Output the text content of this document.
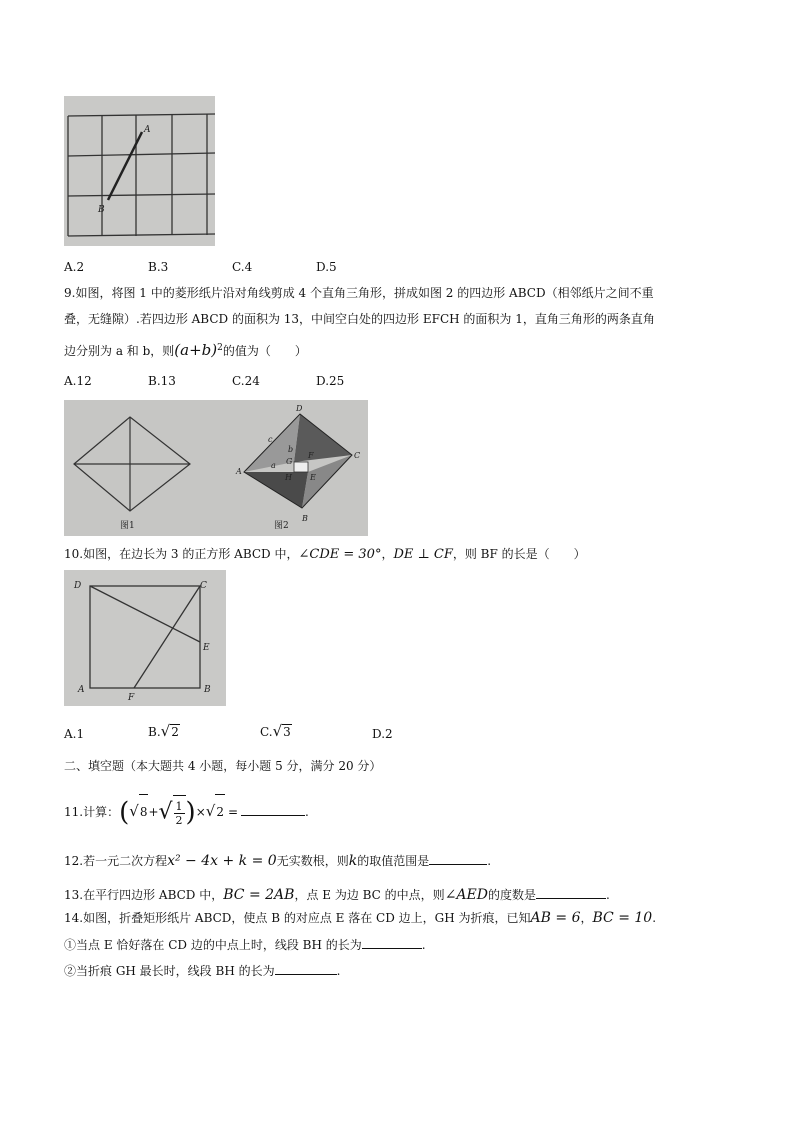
A
B
A.2	B.3	C.4	D.5
9.如图，将图 1 中的菱形纸片沿对角线剪成 4 个直角三角形，拼成如图 2 的四边形 ABCD（相邻纸片之间不重
叠，无缝隙）.若四边形 ABCD 的面积为 13，中间空白处的四边形 EFCH 的面积为 1，直角三角形的两条直角
边分别为 a 和 b，则$(a+b)^2$的值为（　　）
A.12	B.13	C.24	D.25
图1
D
A
C
B
G
F
H E
a
b
c
图2
10.如图，在边长为 3 的正方形 ABCD 中，∠CDE = 30°，DE ⊥ CF，则 BF 的长是（　　）
D	C
E
A
F
B
A.1	B.√2	C.√3	D.2
二、填空题（本大题共 4 小题，每小题 5 分，满分 20 分）
11.计算：$(√8+√ \frac{1}{2} )\times√2$ =	.
12.若一元二次方程x² − 4x + k = 0无实数根，则k的取值范围是	.
13.在平行四边形 ABCD 中，BC = 2AB，点 E 为边 BC 的中点，则∠AED的度数是	.
14.如图，折叠矩形纸片 ABCD，使点 B 的对应点 E 落在 CD 边上，GH 为折痕，已知AB = 6，BC = 10.
①当点 E 恰好落在 CD 边的中点上时，线段 BH 的长为	.
②当折痕 GH 最长时，线段 BH 的长为	.
